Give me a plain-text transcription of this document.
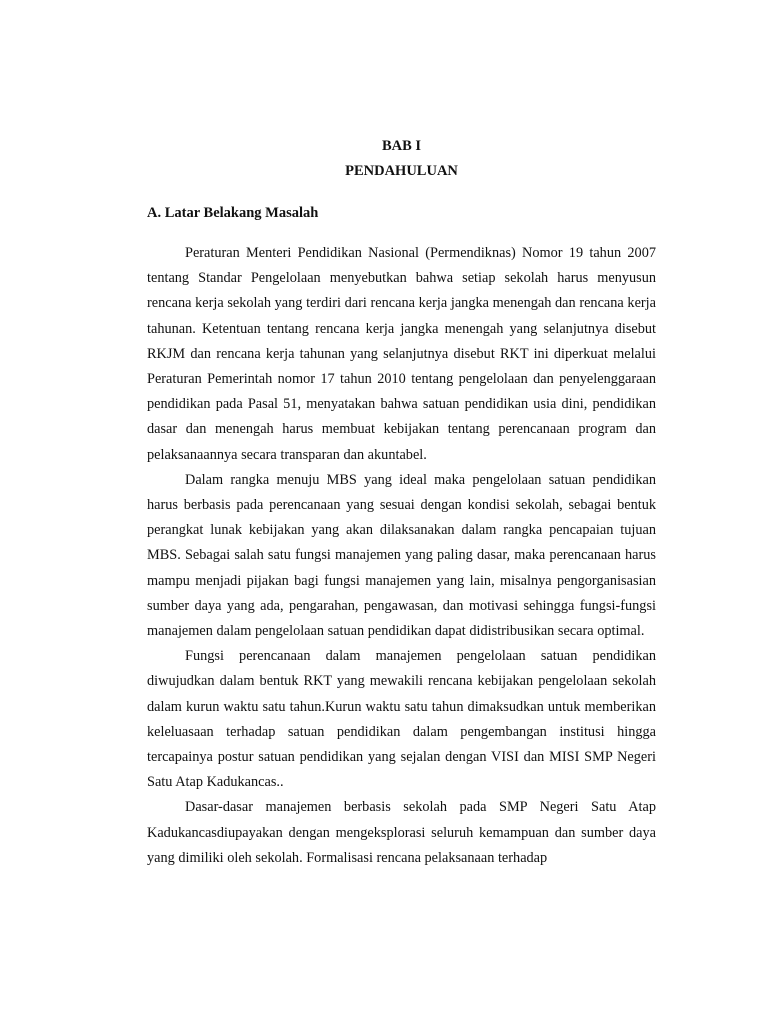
BAB I
PENDAHULUAN
A. Latar Belakang Masalah

Peraturan Menteri Pendidikan Nasional (Permendiknas) Nomor 19 tahun 2007 tentang Standar Pengelolaan menyebutkan bahwa setiap sekolah harus menyusun rencana kerja sekolah yang terdiri dari rencana kerja jangka menengah dan rencana kerja tahunan. Ketentuan tentang rencana kerja jangka menengah yang selanjutnya disebut RKJM dan rencana kerja tahunan yang selanjutnya disebut RKT ini diperkuat melalui Peraturan Pemerintah nomor 17 tahun 2010 tentang pengelolaan dan penyelenggaraan pendidikan pada Pasal 51, menyatakan bahwa satuan pendidikan usia dini, pendidikan dasar dan menengah harus membuat kebijakan tentang perencanaan program dan pelaksanaannya secara transparan dan akuntabel.

Dalam rangka menuju MBS yang ideal maka pengelolaan satuan pendidikan harus berbasis pada perencanaan yang sesuai dengan kondisi sekolah, sebagai bentuk perangkat lunak kebijakan yang akan dilaksanakan dalam rangka pencapaian tujuan MBS. Sebagai salah satu fungsi manajemen yang paling dasar, maka perencanaan harus mampu menjadi pijakan bagi fungsi manajemen yang lain, misalnya pengorganisasian sumber daya yang ada, pengarahan, pengawasan, dan motivasi sehingga fungsi-fungsi manajemen dalam pengelolaan satuan pendidikan dapat didistribusikan secara optimal.

Fungsi perencanaan dalam manajemen pengelolaan satuan pendidikan diwujudkan dalam bentuk RKT yang mewakili rencana kebijakan pengelolaan sekolah dalam kurun waktu satu tahun.Kurun waktu satu tahun dimaksudkan untuk memberikan keleluasaan terhadap satuan pendidikan dalam pengembangan institusi hingga tercapainya postur satuan pendidikan yang sejalan dengan VISI dan MISI SMP Negeri Satu Atap Kadukancas..

Dasar-dasar manajemen berbasis sekolah pada SMP Negeri Satu Atap Kadukancasdiupayakan dengan mengeksplorasi seluruh kemampuan dan sumber daya yang dimiliki oleh sekolah. Formalisasi rencana pelaksanaan terhadap
